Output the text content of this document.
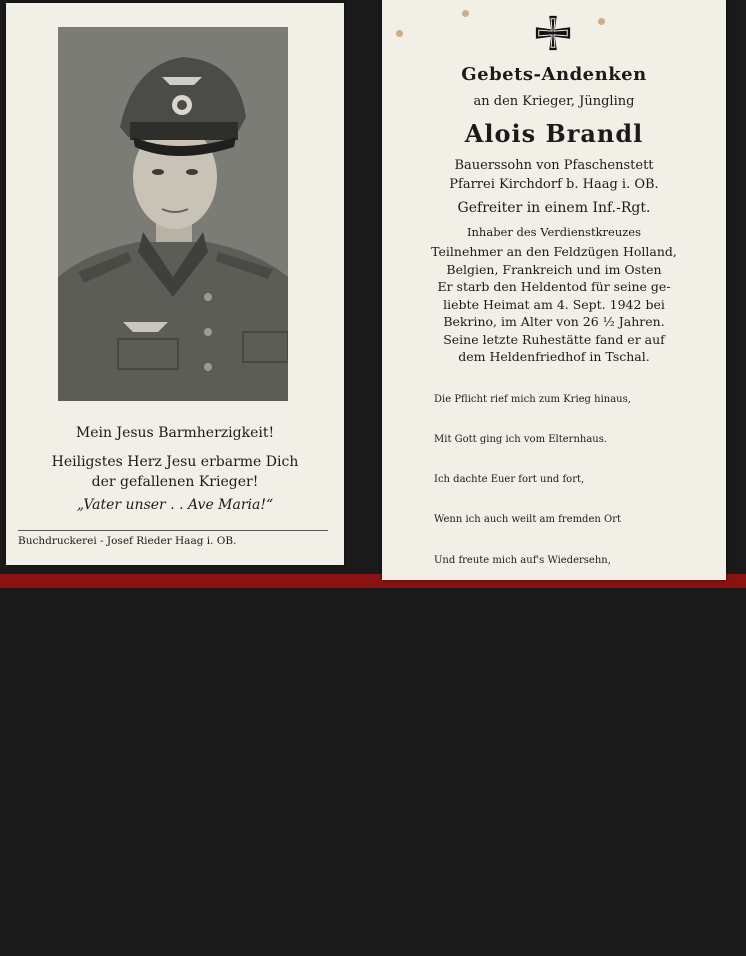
Mein Jesus Barmherzigkeit!
Heiligstes Herz Jesu erbarme Dich
der gefallenen Krieger!
„Vater unser . . Ave Maria!“
Buchdruckerei - Josef Rieder Haag i. OB.
Gebets-Andenken
an den Krieger, Jüngling
Alois Brandl
Bauerssohn von Pfaschenstett
Pfarrei Kirchdorf b. Haag i. OB.
Gefreiter in einem Inf.-Rgt.
Inhaber des Verdienstkreuzes
Teilnehmer an den Feldzügen Holland,
Belgien, Frankreich und im Osten
Er starb den Heldentod für seine ge-
liebte Heimat am 4. Sept. 1942 bei
Bekrino, im Alter von 26 ½ Jahren.
Seine letzte Ruhestätte fand er auf
dem Heldenfriedhof in Tschal.

Die Pflicht rief mich zum Krieg hinaus,

Mit Gott ging ich vom Elternhaus.

Ich dachte Euer fort und fort,

Wenn ich auch weilt am fremden Ort

Und freute mich auf's Wiedersehn,

Wenn Krieg und Sturm zu Ende gehn.

Doch anders hat's der Herr gewollt,

Und hat von hier mich abgeholt.

Nun ruh' in fremder Erd' mich aus,

Und bin in Gottes Vaterhaus.

Weiß nichts von Krieg und Erdenleid

Und bin von jeder Sorg befreit.

Drum tröstet, lb. Eltern u. Geschwister Euch daran,

Was Gott tut, das ist wohlgetan.
